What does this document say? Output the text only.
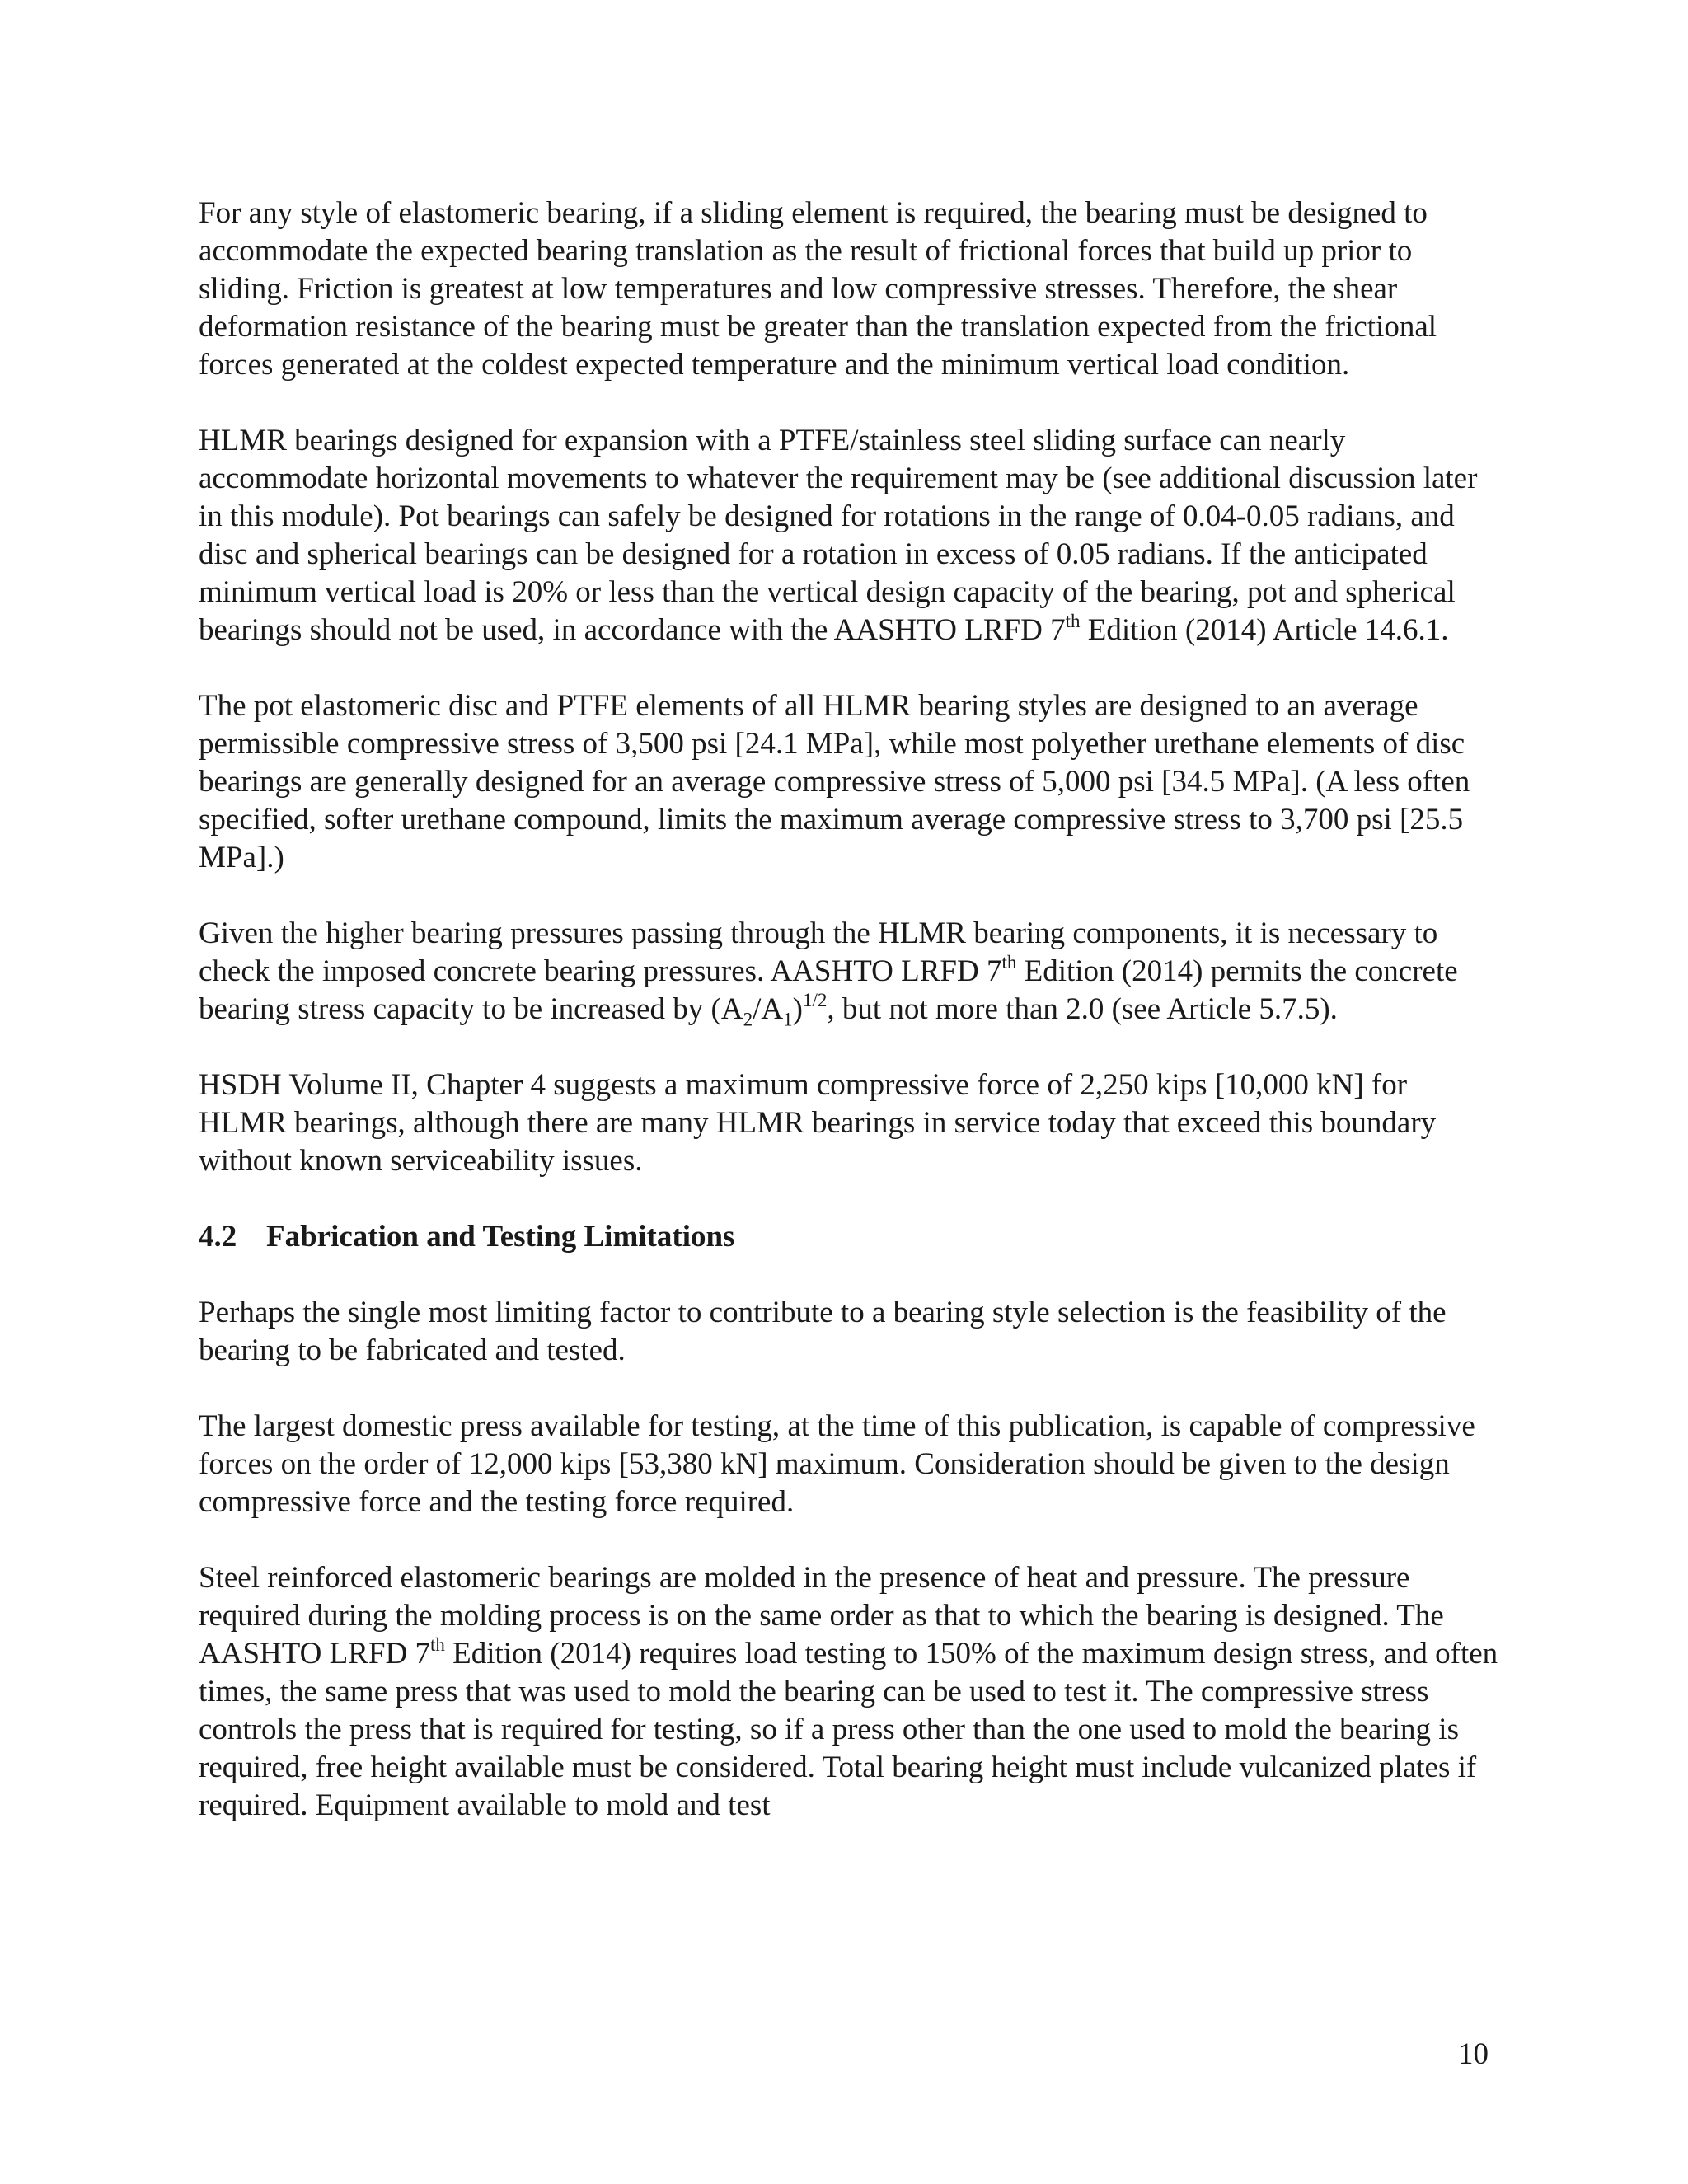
For any style of elastomeric bearing, if a sliding element is required, the bearing must be designed to accommodate the expected bearing translation as the result of frictional forces that build up prior to sliding. Friction is greatest at low temperatures and low compressive stresses. Therefore, the shear deformation resistance of the bearing must be greater than the translation expected from the frictional forces generated at the coldest expected temperature and the minimum vertical load condition.

HLMR bearings designed for expansion with a PTFE/stainless steel sliding surface can nearly accommodate horizontal movements to whatever the requirement may be (see additional discussion later in this module). Pot bearings can safely be designed for rotations in the range of 0.04-0.05 radians, and disc and spherical bearings can be designed for a rotation in excess of 0.05 radians. If the anticipated minimum vertical load is 20% or less than the vertical design capacity of the bearing, pot and spherical bearings should not be used, in accordance with the AASHTO LRFD 7th Edition (2014) Article 14.6.1.

The pot elastomeric disc and PTFE elements of all HLMR bearing styles are designed to an average permissible compressive stress of 3,500 psi [24.1 MPa], while most polyether urethane elements of disc bearings are generally designed for an average compressive stress of 5,000 psi [34.5 MPa]. (A less often specified, softer urethane compound, limits the maximum average compressive stress to 3,700 psi [25.5 MPa].)

Given the higher bearing pressures passing through the HLMR bearing components, it is necessary to check the imposed concrete bearing pressures. AASHTO LRFD 7th Edition (2014) permits the concrete bearing stress capacity to be increased by $(A_2/A_1)^{1/2}$, but not more than 2.0 (see Article 5.7.5).

HSDH Volume II, Chapter 4 suggests a maximum compressive force of 2,250 kips [10,000 kN] for HLMR bearings, although there are many HLMR bearings in service today that exceed this boundary without known serviceability issues.

4.2 Fabrication and Testing Limitations

Perhaps the single most limiting factor to contribute to a bearing style selection is the feasibility of the bearing to be fabricated and tested.

The largest domestic press available for testing, at the time of this publication, is capable of compressive forces on the order of 12,000 kips [53,380 kN] maximum. Consideration should be given to the design compressive force and the testing force required.

Steel reinforced elastomeric bearings are molded in the presence of heat and pressure. The pressure required during the molding process is on the same order as that to which the bearing is designed. The AASHTO LRFD 7th Edition (2014) requires load testing to 150% of the maximum design stress, and often times, the same press that was used to mold the bearing can be used to test it. The compressive stress controls the press that is required for testing, so if a press other than the one used to mold the bearing is required, free height available must be considered. Total bearing height must include vulcanized plates if required. Equipment available to mold and test

10
